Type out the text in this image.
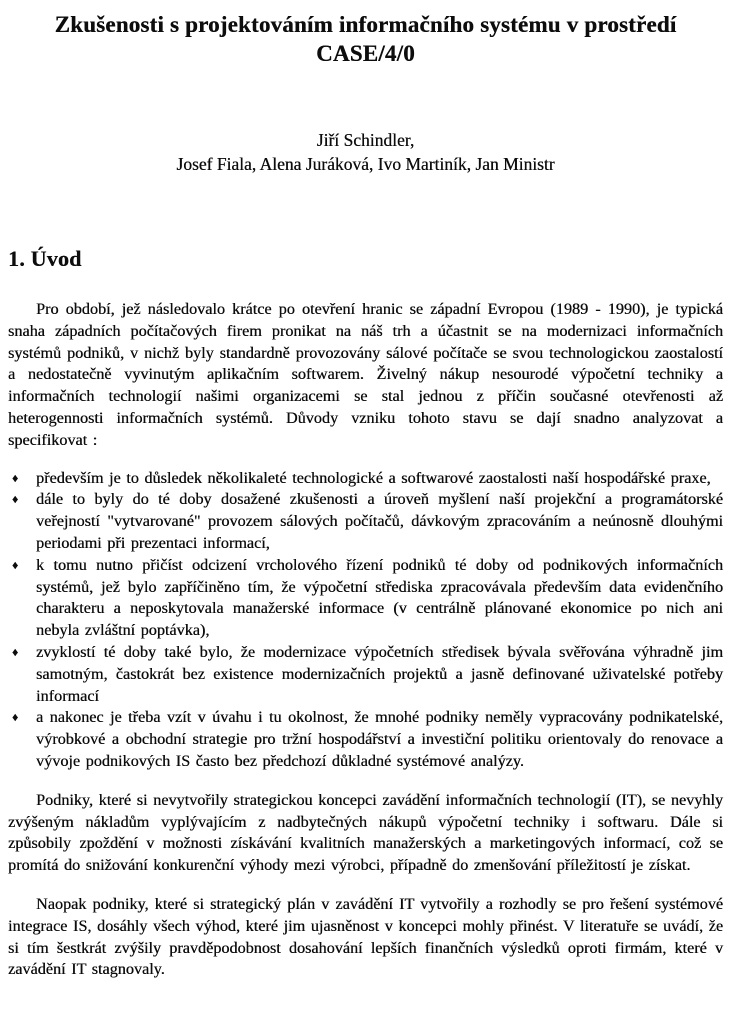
Zkušenosti s projektováním informačního systému v prostředí
CASE/4/0
Jiří Schindler,
Josef Fiala, Alena Juráková, Ivo Martiník, Jan Ministr
1. Úvod

Pro období, jež následovalo krátce po otevření hranic se západní Evropou (1989 - 1990), je typická snaha západních počítačových firem pronikat na náš trh a účastnit se na modernizaci informačních systémů podniků, v nichž byly standardně provozovány sálové počítače se svou technologickou zaostalostí a nedostatečně vyvinutým aplikačním softwarem. Živelný nákup nesourodé výpočetní techniky a informačních technologií našimi organizacemi se stal jednou z příčin současné otevřenosti až heterogennosti informačních systémů. Důvody vzniku tohoto stavu se dají snadno analyzovat a specifikovat :

♦	především je to důsledek několikaleté technologické a softwarové zaostalosti naší hospodářské praxe,
♦	dále to byly do té doby dosažené zkušenosti a úroveň myšlení naší projekční a programátorské veřejností "vytvarované" provozem sálových počítačů, dávkovým zpracováním a neúnosně dlouhými periodami při prezentaci informací,
♦	k tomu nutno přičíst odcizení vrcholového řízení podniků té doby od podnikových informačních systémů, jež bylo zapříčiněno tím, že výpočetní střediska zpracovávala především data evidenčního charakteru a neposkytovala manažerské informace (v centrálně plánované ekonomice po nich ani nebyla zvláštní poptávka),
♦	zvyklostí té doby také bylo, že modernizace výpočetních středisek bývala svěřována výhradně jim samotným, častokrát bez existence modernizačních projektů a jasně definované uživatelské potřeby informací
♦	a nakonec je třeba vzít v úvahu i tu okolnost, že mnohé podniky neměly vypracovány podnikatelské, výrobkové a obchodní strategie pro tržní hospodářství a investiční politiku orientovaly do renovace a vývoje podnikových IS často bez předchozí důkladné systémové analýzy.

Podniky, které si nevytvořily strategickou koncepci zavádění informačních technologií (IT), se nevyhly zvýšeným nákladům vyplývajícím z nadbytečných nákupů výpočetní techniky i softwaru. Dále si způsobily zpoždění v možnosti získávání kvalitních manažerských a marketingových informací, což se promítá do snižování konkurenční výhody mezi výrobci, případně do zmenšování příležitostí je získat.

Naopak podniky, které si strategický plán v zavádění IT vytvořily a rozhodly se pro řešení systémové integrace IS, dosáhly všech výhod, které jim ujasněnost v koncepci mohly přinést. V literatuře se uvádí, že si tím šestkrát zvýšily pravděpodobnost dosahování lepších finančních výsledků oproti firmám, které v zavádění IT stagnovaly.
